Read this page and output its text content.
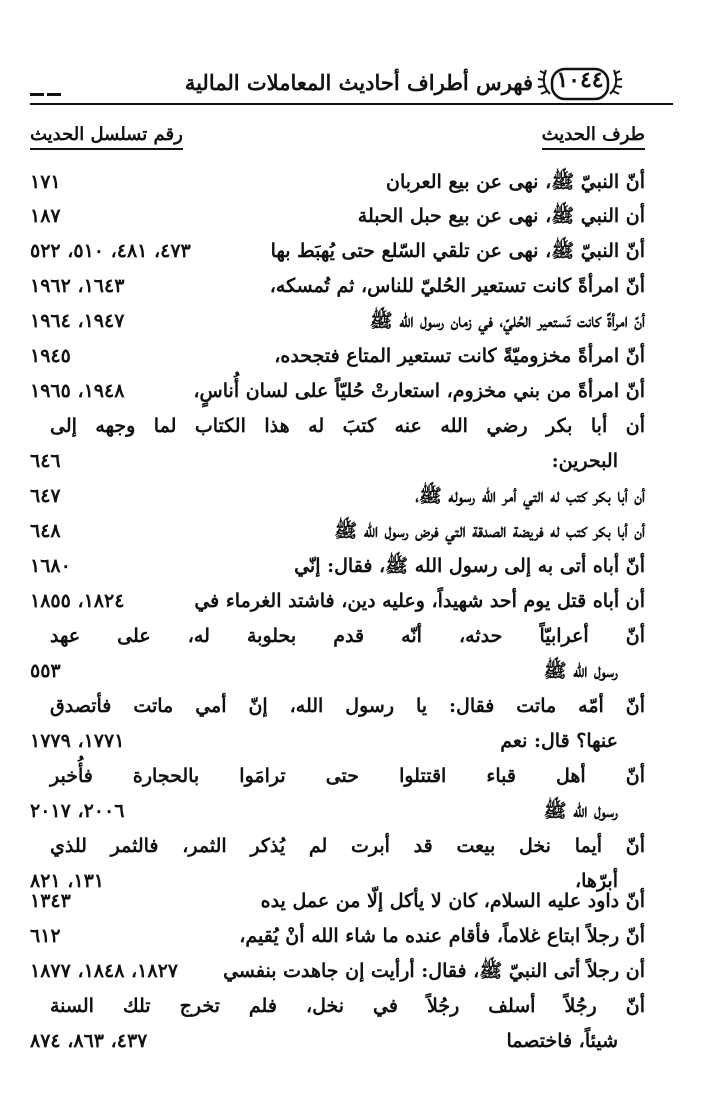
فهرس أطراف أحاديث المعاملات المالية	١٠٤٤
طرف الحديث
رقم تسلسل الحديث
أنّ النبيّ ﷺ، نهى عن بيع العربان
١٧١
أن النبي ﷺ، نهى عن بيع حبل الحبلة
١٨٧
أنّ النبيّ ﷺ، نهى عن تلقي السّلع حتى يُهبَط بها
٤٧٣، ٤٨١، ٥١٠، ٥٢٢
أنّ امرأةً كانت تستعير الحُليّ للناس، ثم تُمسكه،
١٦٤٣، ١٩٦٢
أنّ امرأةً كانت تَستعير الحُليّ، في زمان رسول الله ﷺ
١٩٤٧، ١٩٦٤
أنّ امرأةً مخزوميّةً كانت تستعير المتاع فتجحده،
١٩٤٥
أنّ امرأةً من بني مخزوم، استعارتْ حُليّاً على لسان أُناسٍ،
١٩٤٨، ١٩٦٥
أن أبا بكر رضي الله عنه كتبَ له هذا الكتاب لما وجهه إلى
البحرين:
٦٤٦
أن أبا بكر كتب له التي أمر الله رسوله ﷺ،
٦٤٧
أن أبا بكر كتب له فريضة الصدقة التي فرض رسول الله ﷺ
٦٤٨
أنّ أباه أتى به إلى رسول الله ﷺ، فقال: إنّي
١٦٨٠
أن أباه قتل يوم أحد شهيداً، وعليه دين، فاشتد الغرماء في
١٨٢٤، ١٨٥٥
أنّ أعرابيّاً حدثه، أنّه قدم بحلوبة له، على عهد
رسول الله ﷺ
٥٥٣
أنّ أمّه ماتت فقال: يا رسول الله، إنّ أمي ماتت فأتصدق
عنها؟ قال: نعم
١٧٧١، ١٧٧٩
أنّ أهل قباء اقتتلوا حتى ترامَوا بالحجارة فأُخبر
رسول الله ﷺ
٢٠٠٦، ٢٠١٧
أنّ أيما نخل بيعت قد أبرت لم يُذكر الثمر، فالثمر للذي
أبرّها،
١٣١، ٨٢١
أنّ داود عليه السلام، كان لا يأكل إلّا من عمل يده
١٣٤٣
أنّ رجلاً ابتاع غلاماً، فأقام عنده ما شاء الله أنْ يُقيم،
٦١٢
أن رجلاً أتى النبيّ ﷺ، فقال: أرأيت إن جاهدت بنفسي
١٨٢٧، ١٨٤٨، ١٨٧٧
أنّ رجُلاً أسلف رجُلاً في نخل، فلم تخرج تلك السنة
شيئاً، فاختصما
٤٣٧، ٨٦٣، ٨٧٤
